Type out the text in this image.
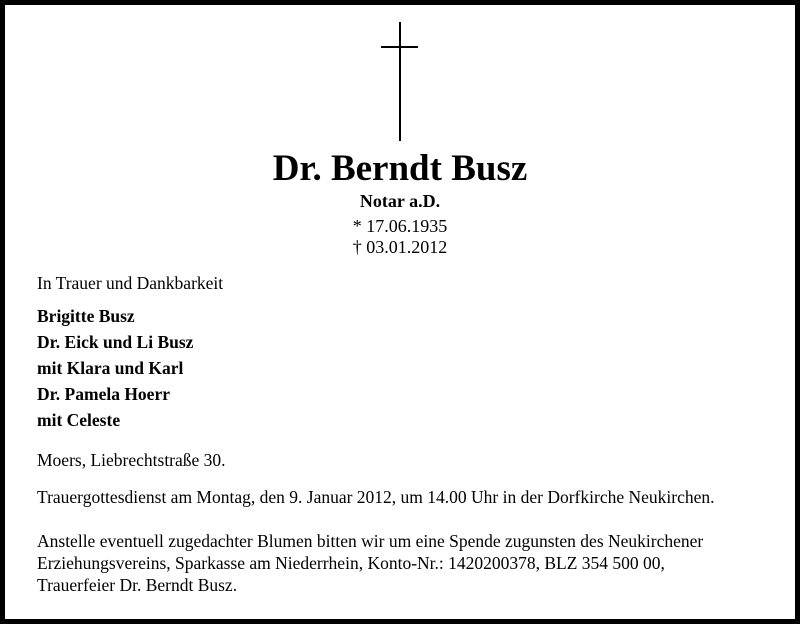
Dr. Berndt Busz
Notar a.D.
* 17.06.1935
† 03.01.2012
In Trauer und Dankbarkeit
Brigitte Busz
Dr. Eick und Li Busz
mit Klara und Karl
Dr. Pamela Hoerr
mit Celeste
Moers, Liebrechtstraße 30.
Trauergottesdienst am Montag, den 9. Januar 2012, um 14.00 Uhr in der Dorfkirche Neukirchen.
Anstelle eventuell zugedachter Blumen bitten wir um eine Spende zugunsten des Neukirchener
Erziehungsvereins, Sparkasse am Niederrhein, Konto-Nr.: 1420200378, BLZ 354 500 00,
Trauerfeier Dr. Berndt Busz.
